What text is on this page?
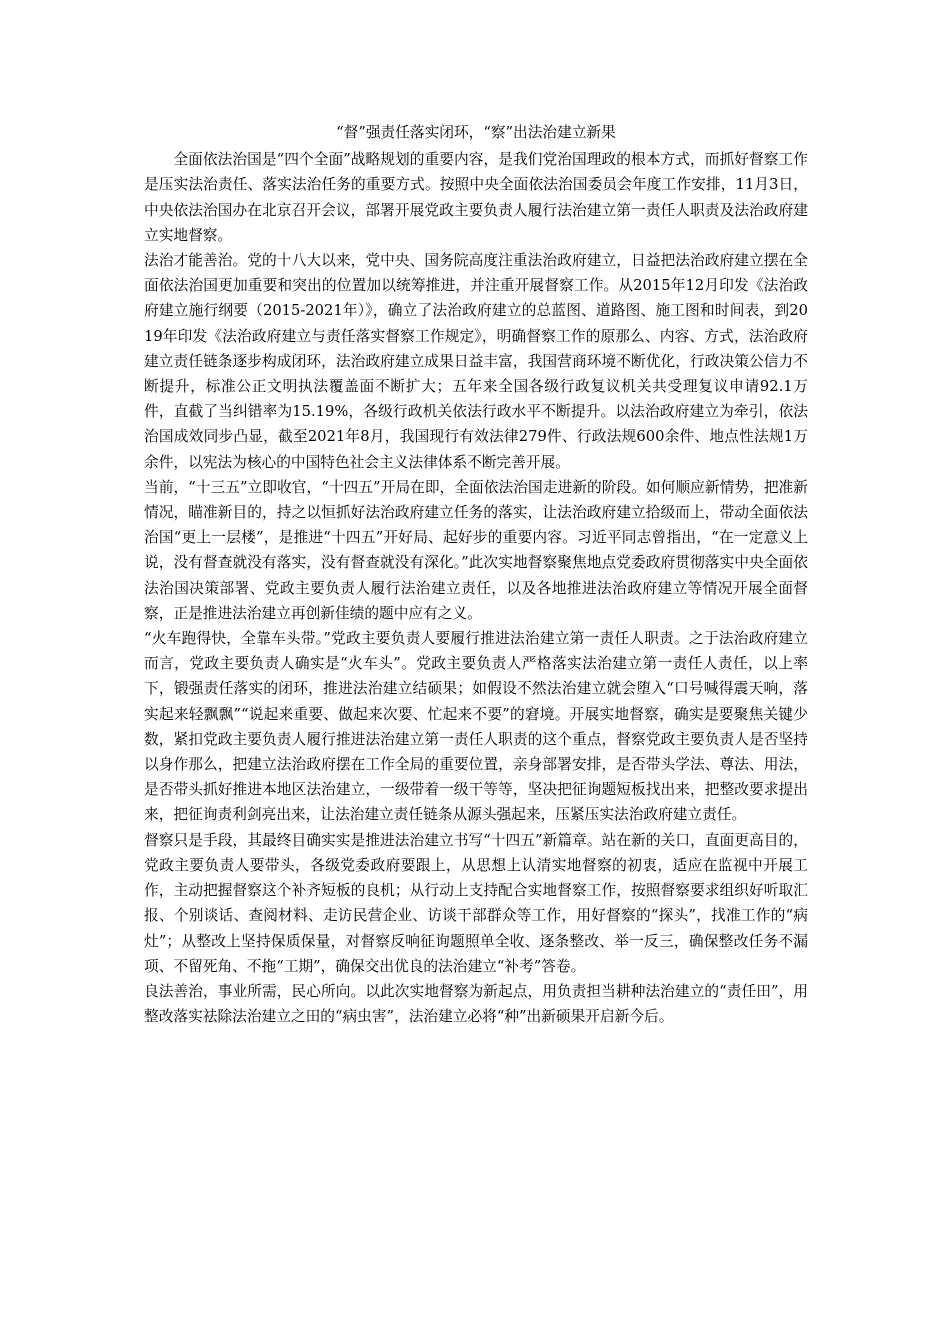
“督”强责任落实闭环，“察”出法治建立新果

全面依法治国是“四个全面”战略规划的重要内容，是我们党治国理政的根本方式，而抓好督察工作是压实法治责任、落实法治任务的重要方式。按照中央全面依法治国委员会年度工作安排，11月3日，中央依法治国办在北京召开会议，部署开展党政主要负责人履行法治建立第一责任人职责及法治政府建立实地督察。

法治才能善治。党的十八大以来，党中央、国务院高度注重法治政府建立，日益把法治政府建立摆在全面依法治国更加重要和突出的位置加以统筹推进，并注重开展督察工作。从2015年12月印发《法治政府建立施行纲要（2015-2021年）》，确立了法治政府建立的总蓝图、道路图、施工图和时间表，到2019年印发《法治政府建立与责任落实督察工作规定》，明确督察工作的原那么、内容、方式，法治政府建立责任链条逐步构成闭环，法治政府建立成果日益丰富，我国营商环境不断优化，行政决策公信力不断提升，标准公正文明执法覆盖面不断扩大；五年来全国各级行政复议机关共受理复议申请92.1万件，直截了当纠错率为15.19%，各级行政机关依法行政水平不断提升。以法治政府建立为牵引，依法治国成效同步凸显，截至2021年8月，我国现行有效法律279件、行政法规600余件、地点性法规1万余件，以宪法为核心的中国特色社会主义法律体系不断完善开展。

当前，“十三五”立即收官，“十四五”开局在即，全面依法治国走进新的阶段。如何顺应新情势，把准新情况，瞄准新目的，持之以恒抓好法治政府建立任务的落实，让法治政府建立拾级而上，带动全面依法治国“更上一层楼”，是推进“十四五”开好局、起好步的重要内容。习近平同志曾指出，“在一定意义上说，没有督查就没有落实，没有督查就没有深化。”此次实地督察聚焦地点党委政府贯彻落实中央全面依法治国决策部署、党政主要负责人履行法治建立责任，以及各地推进法治政府建立等情况开展全面督察，正是推进法治建立再创新佳绩的题中应有之义。

“火车跑得快，全靠车头带。”党政主要负责人要履行推进法治建立第一责任人职责。之于法治政府建立而言，党政主要负责人确实是“火车头”。党政主要负责人严格落实法治建立第一责任人责任，以上率下，锻强责任落实的闭环，推进法治建立结硕果；如假设不然法治建立就会堕入“口号喊得震天响，落实起来轻飘飘”“说起来重要、做起来次要、忙起来不要”的窘境。开展实地督察，确实是要聚焦关键少数，紧扣党政主要负责人履行推进法治建立第一责任人职责的这个重点，督察党政主要负责人是否坚持以身作那么，把建立法治政府摆在工作全局的重要位置，亲身部署安排，是否带头学法、尊法、用法，是否带头抓好推进本地区法治建立，一级带着一级干等等，坚决把征询题短板找出来，把整改要求提出来，把征询责利剑亮出来，让法治建立责任链条从源头强起来，压紧压实法治政府建立责任。

督察只是手段，其最终目确实实是推进法治建立书写“十四五”新篇章。站在新的关口，直面更高目的，党政主要负责人要带头，各级党委政府要跟上，从思想上认清实地督察的初衷，适应在监视中开展工作，主动把握督察这个补齐短板的良机；从行动上支持配合实地督察工作，按照督察要求组织好听取汇报、个别谈话、查阅材料、走访民营企业、访谈干部群众等工作，用好督察的“探头”，找准工作的“病灶”；从整改上坚持保质保量，对督察反响征询题照单全收、逐条整改、举一反三，确保整改任务不漏项、不留死角、不拖“工期”，确保交出优良的法治建立“补考”答卷。

良法善治，事业所需，民心所向。以此次实地督察为新起点，用负责担当耕种法治建立的“责任田”，用整改落实祛除法治建立之田的“病虫害”，法治建立必将“种”出新硕果开启新今后。
